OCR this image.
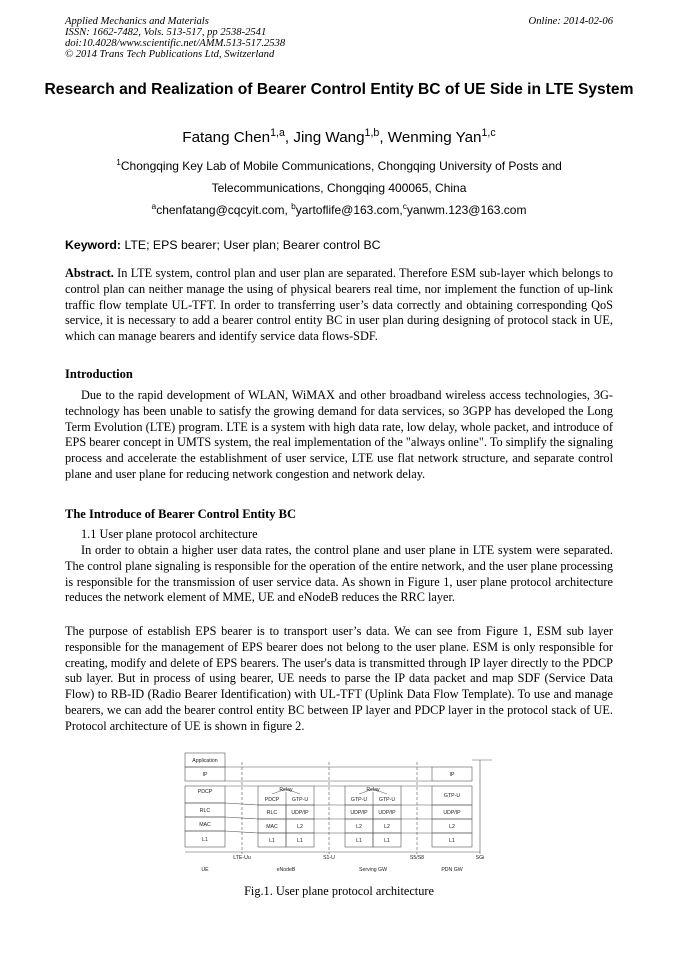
Applied Mechanics and Materials
ISSN: 1662-7482, Vols. 513-517, pp 2538-2541
doi:10.4028/www.scientific.net/AMM.513-517.2538
© 2014 Trans Tech Publications Ltd, Switzerland
Online: 2014-02-06
Research and Realization of Bearer Control Entity BC of UE Side in LTE System
Fatang Chen$^{1,a}$, Jing Wang$^{1,b}$, Wenming Yan$^{1,c}$
$^1$Chongqing Key Lab of Mobile Communications, Chongqing University of Posts and
Telecommunications, Chongqing 400065, China
$^a$chenfatang@cqcyit.com, $^b$yartoflife@163.com,$^c$yanwm.123@163.com
Keyword: LTE; EPS bearer; User plan; Bearer control BC
Abstract. In LTE system, control plan and user plan are separated. Therefore ESM sub-layer which belongs to control plan can neither manage the using of physical bearers real time, nor implement the function of up-link traffic flow template UL-TFT. In order to transferring user’s data correctly and obtaining corresponding QoS service, it is necessary to add a bearer control entity BC in user plan during designing of protocol stack in UE, which can manage bearers and identify service data flows-SDF.
Introduction
Due to the rapid development of WLAN, WiMAX and other broadband wireless access technologies, 3G-technology has been unable to satisfy the growing demand for data services, so 3GPP has developed the Long Term Evolution (LTE) program. LTE is a system with high data rate, low delay, whole packet, and introduce of EPS bearer concept in UMTS system, the real implementation of the "always online". To simplify the signaling process and accelerate the establishment of user service, LTE use flat network structure, and separate control plane and user plane for reducing network congestion and network delay.
The Introduce of Bearer Control Entity BC
1.1 User plane protocol architecture
In order to obtain a higher user data rates, the control plane and user plane in LTE system were separated. The control plane signaling is responsible for the operation of the entire network, and the user plane processing is responsible for the transmission of user service data. As shown in Figure 1, user plane protocol architecture reduces the network element of MME, UE and eNodeB reduces the RRC layer.
The purpose of establish EPS bearer is to transport user’s data. We can see from Figure 1, ESM sub layer responsible for the management of EPS bearer does not belong to the user plane. ESM is only responsible for creating, modify and delete of EPS bearers. The user's data is transmitted through IP layer directly to the PDCP sub layer. But in process of using bearer, UE needs to parse the IP data packet and map SDF (Service Data Flow) to RB-ID (Radio Bearer Identification) with UL-TFT (Uplink Data Flow Template). To use and manage bearers, we can add the bearer control entity BC between IP layer and PDCP layer in the protocol stack of UE. Protocol architecture of UE is shown in figure 2.
Application
IP
PDCP
RLC
MAC
L1
Relay
PDCP GTP-U
RLC	UDP/IP
MAC	L2
L1	L1
Relay
GTP-U GTP-U
UDP/IP UDP/IP
L2	L2
L1	L1
IP
GTP-U
UDP/IP
L2
L1
LTE-Uu	S1-U	S5/S8	SGi
UE	eNodeB	Serving GW	PDN GW
Fig.1. User plane protocol architecture
